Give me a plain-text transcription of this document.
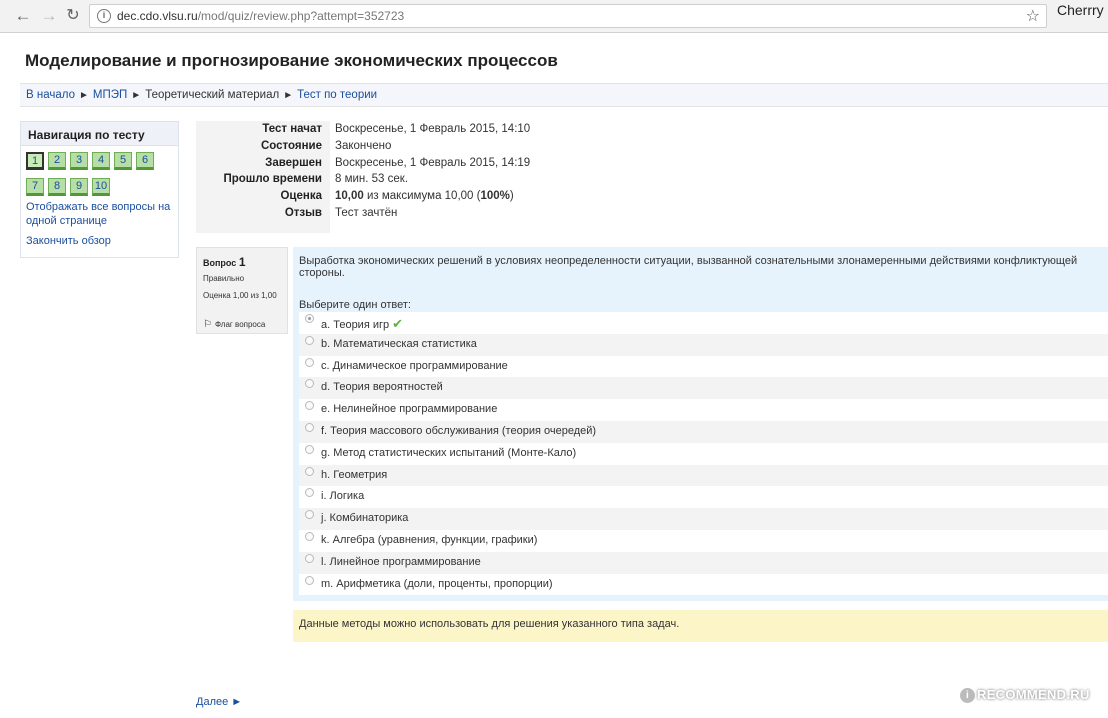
← → ↻	i dec.cdo.vlsu.ru/mod/quiz/review.php?attempt=352723	☆ Cherrry
Моделирование и прогнозирование экономических процессов
В начало ► МПЭП ► Теоретический материал ► Тест по теории
Навигация по тесту
1	2	3	4	5	6
7	8	9	10
Отображать все вопросы на одной странице
Закончить обзор
Тест начат Воскресенье, 1 Февраль 2015, 14:10
Состояние Закончено
Завершен Воскресенье, 1 Февраль 2015, 14:19
Прошло времени 8 мин. 53 сек.
Оценка 10,00 из максимума 10,00 (100%)
Отзыв Тест зачтён
Вопрос 1
Правильно
Оценка 1,00 из 1,00
⚐ Флаг вопроса
Выработка экономических решений в условиях неопределенности ситуации, вызванной сознательными злонамеренными действиями конфликтующей стороны.
Выберите один ответ:
a. Теория игр ✔
b. Математическая статистика
c. Динамическое программирование
d. Теория вероятностей
e. Нелинейное программирование
f. Теория массового обслуживания (теория очередей)
g. Метод статистических испытаний (Монте-Кало)
h. Геометрия
i. Логика
j. Комбинаторика
k. Алгебра (уравнения, функции, графики)
l. Линейное программирование
m. Арифметика (доли, проценты, пропорции)
Данные методы можно использовать для решения указанного типа задач.
Далее ►
i RECOMMEND.RU
